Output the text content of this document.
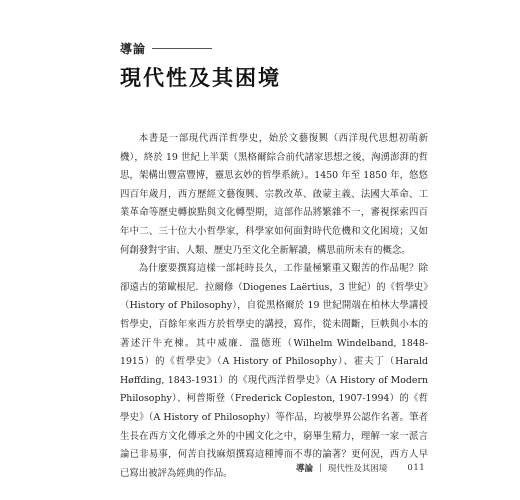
導論
現代性及其困境

本書是一部現代西洋哲學史，始於文藝復興（西洋現代思想初萌新機），終於 19 世紀上半葉（黑格爾綜合前代諸家思想之後，洶湧澎湃的哲思，架構出豐富豐博，靈思玄妙的哲學系統）。1450 年至 1850 年，悠悠四百年歲月，西方歷經文藝復興、宗教改革、啟蒙主義、法國大革命、工業革命等歷史轉捩點與文化轉型期，這部作品將繁雜不一，審視探索四百年中二、三十位大小哲學家，科學家如何面對時代危機和文化困境；又如何創發對宇宙、人類、歷史乃至文化全新解讀，構思前所未有的概念。

為什麼要撰寫這樣一部耗時長久，工作量極繁重又艱苦的作品呢？除卻遠古的第歐根尼．拉爾修（Diogenes Laërtius，3 世紀）的《哲學史》（History of Philosophy），自從黑格爾於 19 世紀開端在柏林大學講授哲學史，百餘年來西方於哲學史的講授，寫作，從未間斷，巨帙與小本的著述汗牛充棟。其中威廉．溫德班（Wilhelm Windelband, 1848-1915）的《哲學史》（A History of Philosophy）、霍夫丁（Harald Høffding, 1843-1931）的《現代西洋哲學史》（A History of Modern Philosophy）、柯普斯登（Frederick Copleston, 1907-1994）的《哲學史》（A History of Philosophy）等作品，均被學界公認作名著。筆者生長在西方文化傳承之外的中國文化之中，窮畢生精力，理解一家一派言論已非易事，何苦自找麻煩撰寫這種博而不專的論著？更何況，西方人早已寫出被評為經典的作品。	導論 | 現代性及其困境 011
